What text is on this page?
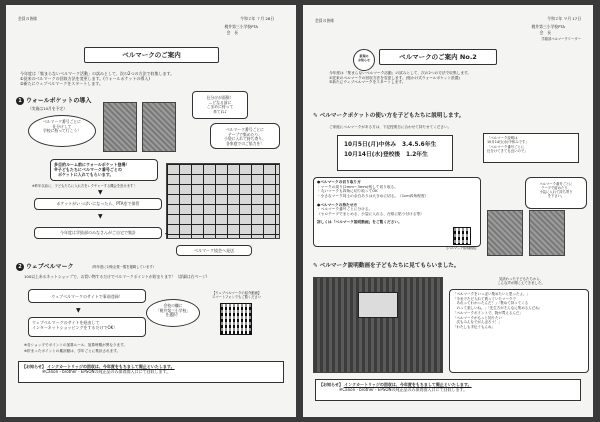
会員の皆様	令和２年 ７月 28日
桃井第三小学校PTA
会　長
ベルマークのご案内
今年度は「集まらないベルマーク活動」の試みとして、次の2つの方法で収集します。
①従来のベルマークの回収方法を変更します。(ウォールポケットの導入)
②新たにウェブベルマークをスタートします。
1 ウォールポケットの導入
（実施は10月を予定）
ベルマーク番号ごとに
仕分けして
学校に持って行こう！
仕分けが面倒！
…どなる前に
こまめに持って
来てね♪
ベルマーク番号ごとに
テープで集めたり、
小袋に入れて持ち寄り、
各家庭でのご協力を！
多目的ルーム前にウォールポケット登場！
※子どもたちにベルマーク番号ごとの
　ポケットに入れてもらいます。
※昨年以前に、子どもたちに入れ方をレクチャーする機会を設けます！
▼
ポケットがいっぱいになったら、PTA室で保管
▼
今年度は学級部のみなさんがご自宅で集計	➡
ベルマーク協会へ発送
2 ウェブベルマーク	（昨年度に対象企業一覧を掲載しています）
100以上あるネットショップで、お買い物するだけでベルマークポイントが貯まります！（詳細は右ページ）
ウェブベルマークのサイトで事前登録！
会校の欄に
「桃井第三小学校」
を選択！
▼
ウェブベルマークのサイトを経由して
インターネットショッピングをするだけでOK！
【ウェブベルマークの紹介動画】
スマートフォンでもご覧ください
※各ショップでポイントの加算ルール、加算時期が異なります。
※貯まったポイントの累計額は、学年ごとに集計されます。
【お知らせ】 インクカートリッジの回収は、今年度をもちまして廃止といたします。
※Canon・brother・EPSONの純正品のみ保育園入口にて回収します。
会員の皆様	令和２年 ９月 17日
桃井第三小学校PTA
会　長
学級部ベルマークリーダー
新規の
お知らせ	ベルマークのご案内 No.2
今年度は「集まらないベルマーク活動」の試みとして、次の2つの方法で収集します。
①従来のベルマークの回収方法を変更します。(壁かけ式ウォールポケット設置)
②新たにウェブベルマークをスタートします。
✎ ベルマークポケットの使い方を子どもたちに説明します。
ご家庭にベルマークがある方は、下記授業日に合わせて持たせてください。
10月5日(月)中休み　3.4.5.6年生
10月14日(水)登校後　1.2年生
「ベルマーク説明は
10月14日(水)中休みです」
「ベルマーク番号ごとに
仕分けてきても良いので」
●ベルマークの切り取り方
・マークの周り(2mm～3mm)残して切り取る。
・丸いマークも四角に切り取ってOK
・小さなマーク同士の余白ありは大きめに切る。（1cm四角程度）
●ベルマークの持たせ方
・ベルマーク番号ごとに分ける。
（セロテープでまとめる、小袋に入れる、台紙に貼り付ける等）
詳しくは「ベルマーク説明動画」をご覧ください。
【ベルマーク説明動画】
ベルマーク番号ごとに
テープで留めたり、
小袋に入れて持ち寄り
を下さい。
✎ ベルマーク説明動画を子どもたちに見てもらいました。
見終わった子どもたちから、
こんな声が聞こえてきました。
「ベルマークをいっぱい集めたいと思ったよ。」
「今までただ入れて貰っていたマークで
　あれってわかったんだ！」「集めて持ってくる
　のって楽しいね。」「先生方がそんなに集めるんだね」
「ベルマークポイントで、物が買えるんだ」
「ベルマークがもっと知りたい
　次もみんなでがんばろう！」
「わたしも手伝うもんね」
【お知らせ】 インクカートリッジの回収は、今年度をもちまして廃止といたします。
※Canon・brother・EPSONの純正品のみ保育園入口にて回収します。
